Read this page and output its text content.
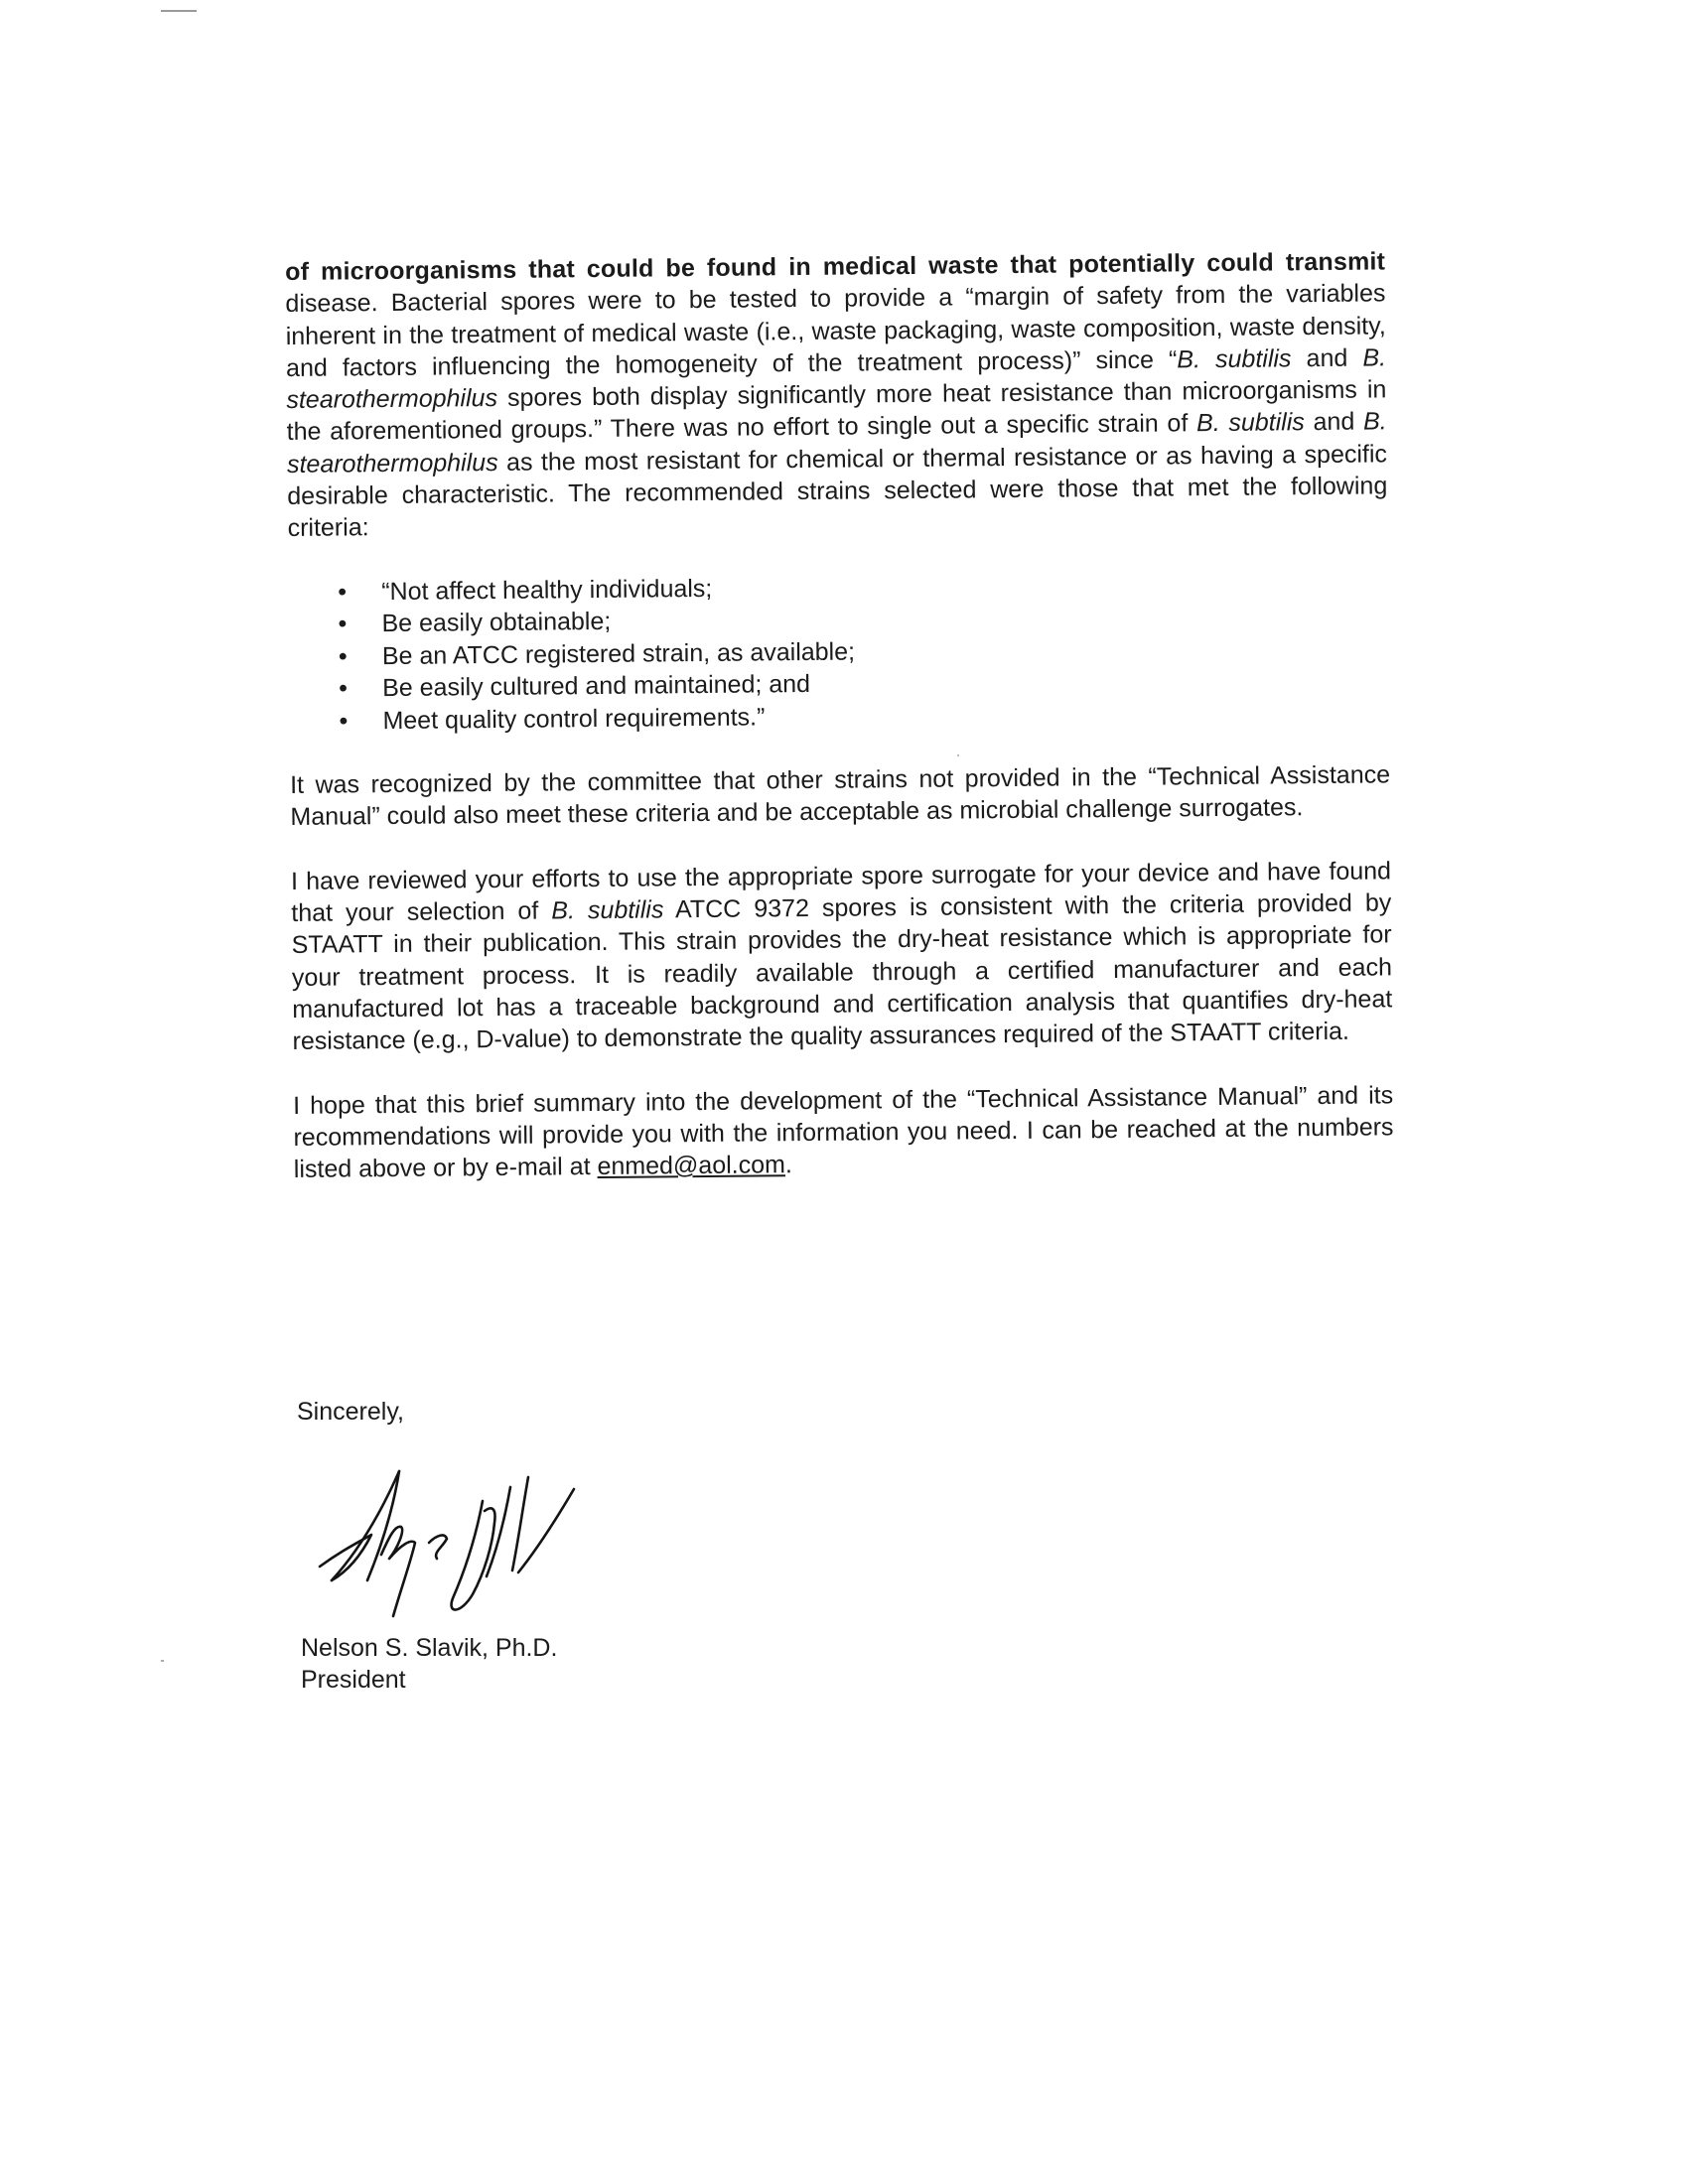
of microorganisms that could be found in medical waste that potentially could transmit

disease. Bacterial spores were to be tested to provide a “margin of safety from the variables inherent in the treatment of medical waste (i.e., waste packaging, waste composition, waste density, and factors influencing the homogeneity of the treatment process)” since “B. subtilis and B. stearothermophilus spores both display significantly more heat resistance than microorganisms in the aforementioned groups.” There was no effort to single out a specific strain of B. subtilis and B. stearothermophilus as the most resistant for chemical or thermal resistance or as having a specific desirable characteristic. The recommended strains selected were those that met the following criteria:

• “Not affect healthy individuals;
• Be easily obtainable;
• Be an ATCC registered strain, as available;
• Be easily cultured and maintained; and
• Meet quality control requirements.”

It was recognized by the committee that other strains not provided in the “Technical Assistance Manual” could also meet these criteria and be acceptable as microbial challenge surrogates.

I have reviewed your efforts to use the appropriate spore surrogate for your device and have found that your selection of B. subtilis ATCC 9372 spores is consistent with the criteria provided by STAATT in their publication. This strain provides the dry-heat resistance which is appropriate for your treatment process. It is readily available through a certified manufacturer and each manufactured lot has a traceable background and certification analysis that quantifies dry-heat resistance (e.g., D-value) to demonstrate the quality assurances required of the STAATT criteria.

I hope that this brief summary into the development of the “Technical Assistance Manual” and its recommendations will provide you with the information you need. I can be reached at the numbers listed above or by e-mail at enmed@aol.com.

Sincerely,
Nelson S. Slavik, Ph.D.
President
